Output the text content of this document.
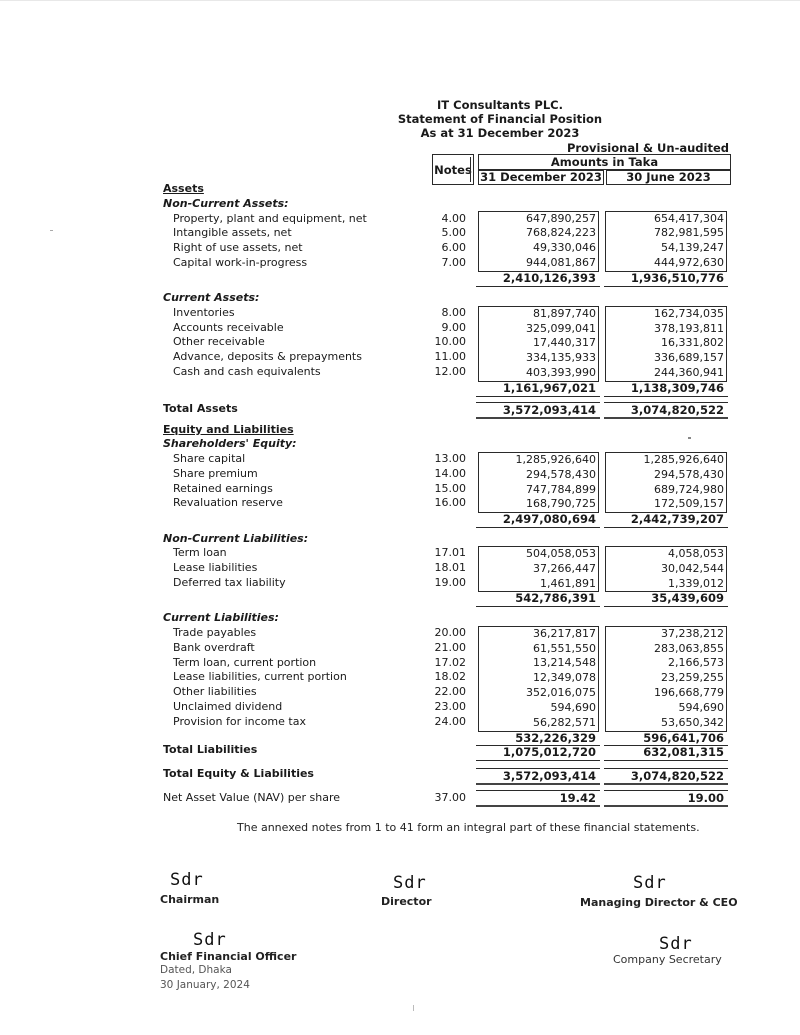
IT Consultants PLC.
Statement of Financial Position
As at 31 December 2023
Provisional & Un-audited
Notes
Amounts in Taka
31 December 2023	30 June 2023
Assets
Non-Current Assets:
Property, plant and equipment, net	4.00	647,890,257	654,417,304
Intangible assets, net	5.00	768,824,223	782,981,595
Right of use assets, net	6.00	49,330,046	54,139,247
Capital work-in-progress	7.00	944,081,867	444,972,630
2,410,126,393	1,936,510,776
Current Assets:
Inventories	8.00	81,897,740	162,734,035
Accounts receivable	9.00	325,099,041	378,193,811
Other receivable	10.00	17,440,317	16,331,802
Advance, deposits & prepayments	11.00	334,135,933	336,689,157
Cash and cash equivalents	12.00	403,393,990	244,360,941
1,161,967,021	1,138,309,746
Total Assets	3,572,093,414	3,074,820,522
Equity and Liabilities
Shareholders' Equity:
Share capital	13.00	1,285,926,640	1,285,926,640
Share premium	14.00	294,578,430	294,578,430
Retained earnings	15.00	747,784,899	689,724,980
Revaluation reserve	16.00	168,790,725	172,509,157
2,497,080,694	2,442,739,207
Non-Current Liabilities:
Term loan	17.01	504,058,053	4,058,053
Lease liabilities	18.01	37,266,447	30,042,544
Deferred tax liability	19.00	1,461,891	1,339,012
542,786,391	35,439,609
Current Liabilities:
Trade payables	20.00	36,217,817	37,238,212
Bank overdraft	21.00	61,551,550	283,063,855
Term loan, current portion	17.02	13,214,548	2,166,573
Lease liabilities, current portion	18.02	12,349,078	23,259,255
Other liabilities	22.00	352,016,075	196,668,779
Unclaimed dividend	23.00	594,690	594,690
Provision for income tax	24.00	56,282,571	53,650,342
532,226,329	596,641,706
Total Liabilities	1,075,012,720	632,081,315
Total Equity & Liabilities	3,572,093,414	3,074,820,522
Net Asset Value (NAV) per share	37.00	19.42	19.00
The annexed notes from 1 to 41 form an integral part of these financial statements.
Sdr
Chairman
Sdr
Director
Sdr
Managing Director & CEO
Sdr
Chief Financial Officer
Dated, Dhaka
30 January, 2024
Sdr
Company Secretary
